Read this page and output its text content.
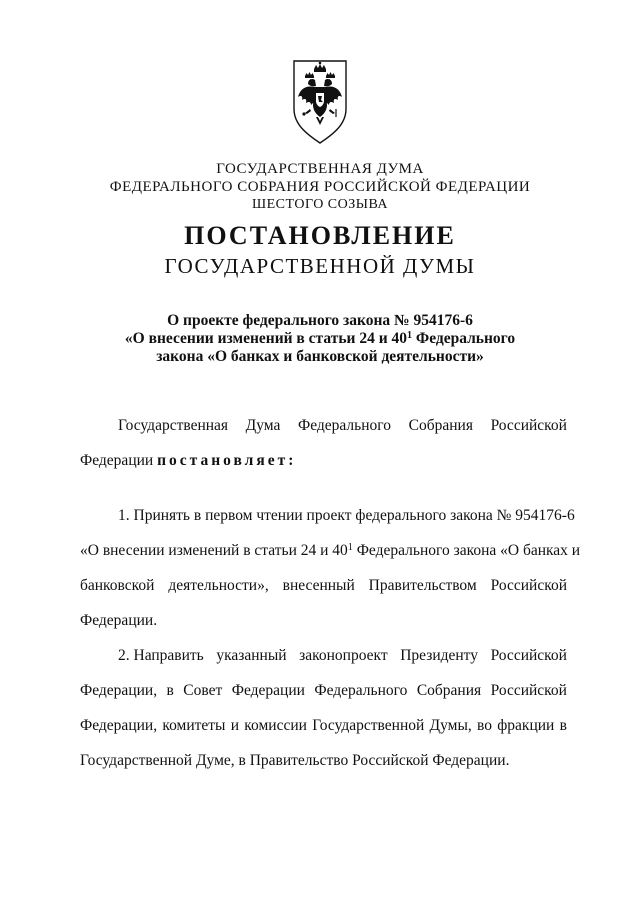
ГОСУДАРСТВЕННАЯ ДУМА
ФЕДЕРАЛЬНОГО СОБРАНИЯ РОССИЙСКОЙ ФЕДЕРАЦИИ
ШЕСТОГО СОЗЫВА
ПОСТАНОВЛЕНИЕ
ГОСУДАРСТВЕННОЙ ДУМЫ
О проекте федерального закона № 954176-6
«О внесении изменений в статьи 24 и $40^1$ Федерального
закона «О банках и банковской деятельности»
Государственная Дума Федерального Собрания Российской
Федерации постановляет:
1. Принять в первом чтении проект федерального закона № 954176-6
«О внесении изменений в статьи 24 и $40^1$ Федерального закона «О банках и
банковской деятельности», внесенный Правительством Российской
Федерации.
2. Направить указанный законопроект Президенту Российской
Федерации, в Совет Федерации Федерального Собрания Российской
Федерации, комитеты и комиссии Государственной Думы, во фракции в
Государственной Думе, в Правительство Российской Федерации.
